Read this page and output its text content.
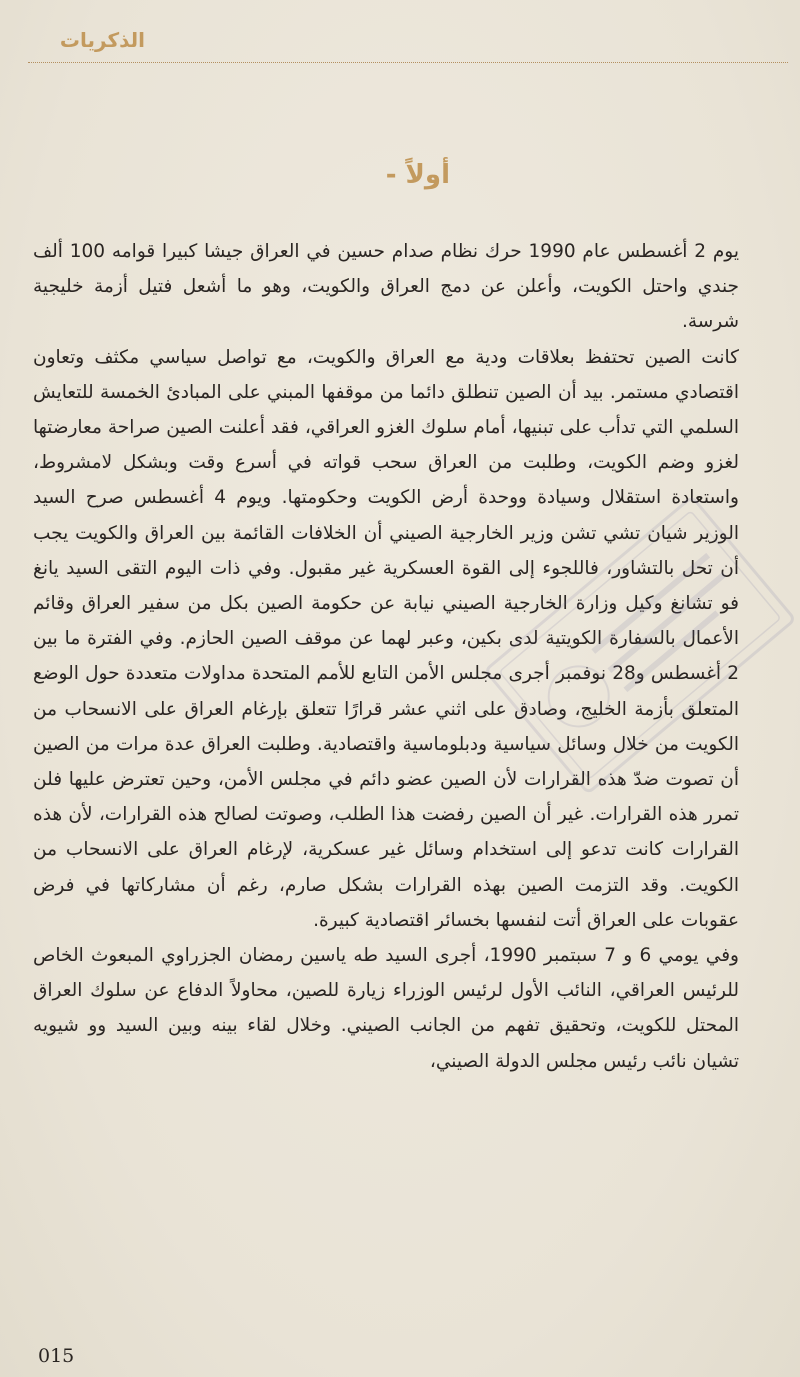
الذكريات
أولاً -

يوم 2 أغسطس عام 1990 حرك نظام صدام حسين في العراق جيشا كبيرا قوامه 100 ألف جندي واحتل الكويت، وأعلن عن دمج العراق والكويت، وهو ما أشعل فتيل أزمة خليجية شرسة.

كانت الصين تحتفظ بعلاقات ودية مع العراق والكويت، مع تواصل سياسي مكثف وتعاون اقتصادي مستمر. بيد أن الصين تنطلق دائما من موقفها المبني على المبادئ الخمسة للتعايش السلمي التي تدأب على تبنيها، أمام سلوك الغزو العراقي، فقد أعلنت الصين صراحة معارضتها لغزو وضم الكويت، وطلبت من العراق سحب قواته في أسرع وقت وبشكل لامشروط، واستعادة استقلال وسيادة ووحدة أرض الكويت وحكومتها. ويوم 4 أغسطس صرح السيد الوزير شيان تشي تشن وزير الخارجية الصيني أن الخلافات القائمة بين العراق والكويت يجب أن تحل بالتشاور، فاللجوء إلى القوة العسكرية غير مقبول. وفي ذات اليوم التقى السيد يانغ فو تشانغ وكيل وزارة الخارجية الصيني نيابة عن حكومة الصين بكل من سفير العراق وقائم الأعمال بالسفارة الكويتية لدى بكين، وعبر لهما عن موقف الصين الحازم. وفي الفترة ما بين 2 أغسطس و28 نوفمبر أجرى مجلس الأمن التابع للأمم المتحدة مداولات متعددة حول الوضع المتعلق بأزمة الخليج، وصادق على اثني عشر قرارًا تتعلق بإرغام العراق على الانسحاب من الكويت من خلال وسائل سياسية ودبلوماسية واقتصادية. وطلبت العراق عدة مرات من الصين أن تصوت ضدّ هذه القرارات لأن الصين عضو دائم في مجلس الأمن، وحين تعترض عليها فلن تمرر هذه القرارات. غير أن الصين رفضت هذا الطلب، وصوتت لصالح هذه القرارات، لأن هذه القرارات كانت تدعو إلى استخدام وسائل غير عسكرية، لإرغام العراق على الانسحاب من الكويت. وقد التزمت الصين بهذه القرارات بشكل صارم، رغم أن مشاركاتها في فرض عقوبات على العراق أتت لنفسها بخسائر اقتصادية كبيرة.

وفي يومي 6 و 7 سبتمبر 1990، أجرى السيد طه ياسين رمضان الجزراوي المبعوث الخاص للرئيس العراقي، النائب الأول لرئيس الوزراء زيارة للصين، محاولاً الدفاع عن سلوك العراق المحتل للكويت، وتحقيق تفهم من الجانب الصيني. وخلال لقاء بينه وبين السيد وو شيويه تشيان نائب رئيس مجلس الدولة الصيني،

015
